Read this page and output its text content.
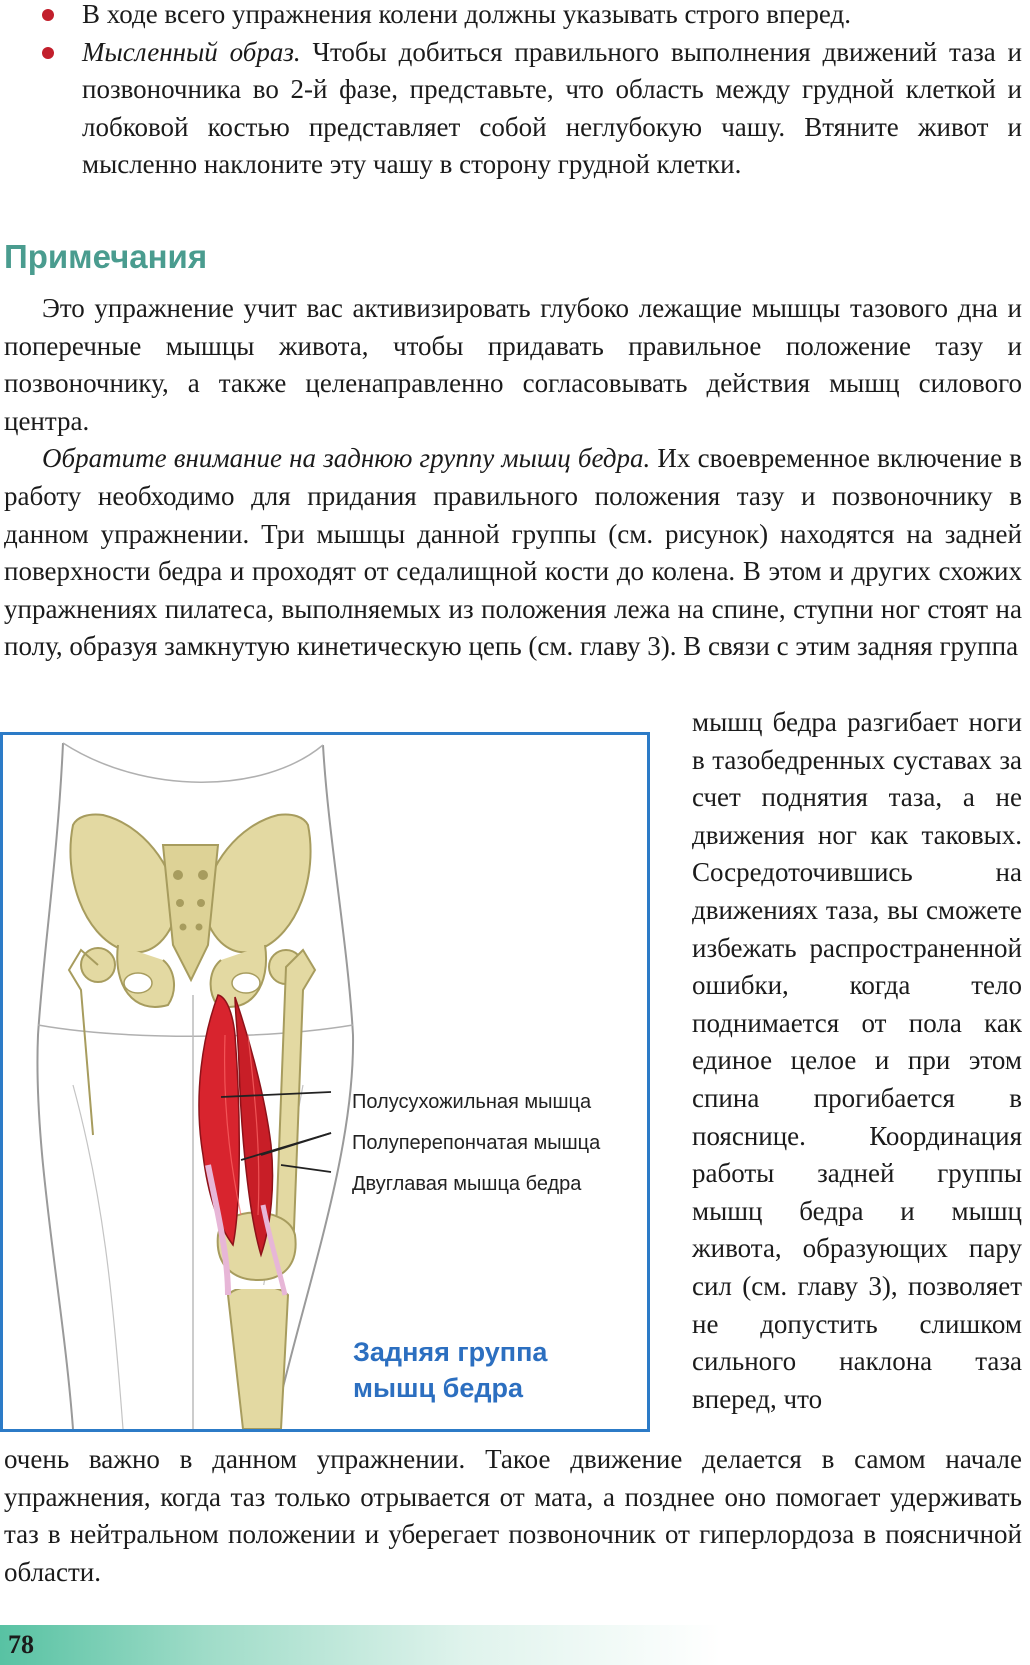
В ходе всего упражнения колени должны указывать строго вперед.
Мысленный образ. Чтобы добиться правильного выполнения движений таза и позвоночника во 2-й фазе, представьте, что область между грудной клеткой и лобковой костью представляет собой неглубокую чашу. Втяните живот и мысленно наклоните эту чашу в сторону грудной клетки.
Примечания

Это упражнение учит вас активизировать глубоко лежащие мышцы тазового дна и поперечные мышцы живота, чтобы придавать правильное положение тазу и позвоночнику, а также целенаправленно согласовывать действия мышц силового центра.

Обратите внимание на заднюю группу мышц бедра. Их своевременное включение в работу необходимо для придания правильного положения тазу и позвоночнику в данном упражнении. Три мышцы данной группы (см. рисунок) находятся на задней поверхности бедра и проходят от седалищной кости до колена. В этом и других схожих упражнениях пилатеса, выполняемых из положения лежа на спине, ступни ног стоят на полу, образуя замкнутую кинетическую цепь (см. главу 3). В связи с этим задняя группа

Полусухожильная мышца
Полуперепончатая мышца
Двуглавая мышца бедра
Задняя группа
мышц бедра
мышц бедра разгибает ноги в тазобедренных суставах за счет поднятия таза, а не движения ног как таковых. Сосредоточившись на движениях таза, вы сможете избежать распространенной ошибки, когда тело поднимается от пола как единое целое и при этом спина прогибается в пояснице. Координация работы задней группы мышц бедра и мышц живота, образующих пару сил (см. главу 3), позволяет не допустить слишком сильного наклона таза вперед, что
очень важно в данном упражнении. Такое движение делается в самом начале упражнения, когда таз только отрывается от мата, а позднее оно помогает удерживать таз в нейтральном положении и уберегает позвоночник от гиперлордоза в поясничной области.
78
